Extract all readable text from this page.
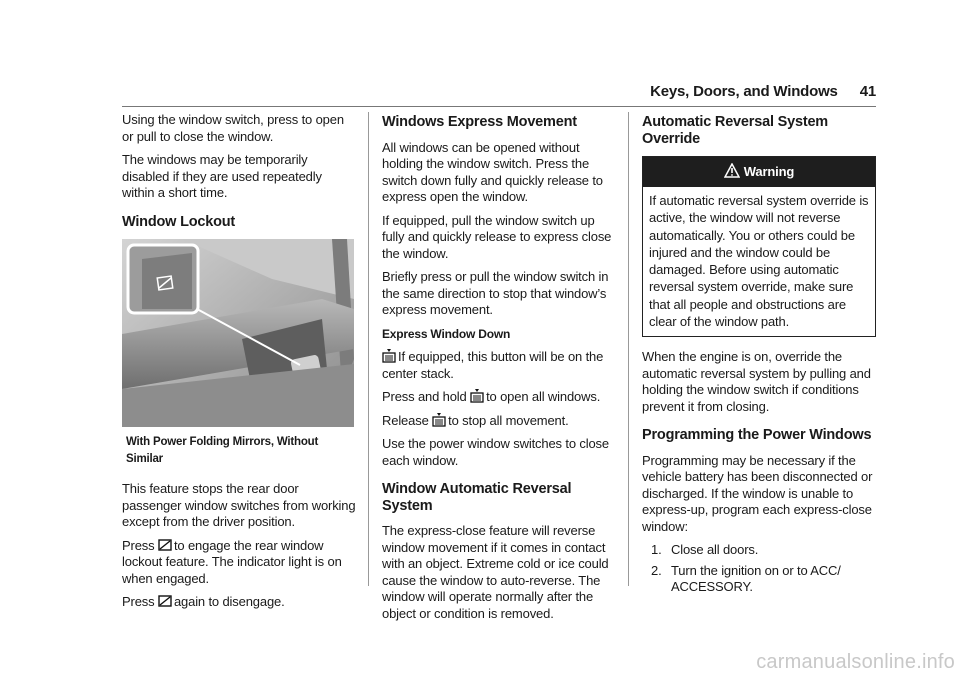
Keys, Doors, and Windows 41

Using the window switch, press to open or pull to close the window.

The windows may be temporarily disabled if they are used repeatedly within a short time.

Window Lockout
With Power Folding Mirrors, Without Similar

This feature stops the rear door passenger window switches from working except from the driver position.

Press to engage the rear window lockout feature. The indicator light is on when engaged.

Press again to disengage.

Windows Express Movement

All windows can be opened without holding the window switch. Press the switch down fully and quickly release to express open the window.

If equipped, pull the window switch up fully and quickly release to express close the window.

Briefly press or pull the window switch in the same direction to stop that window’s express movement.

Express Window Down

If equipped, this button will be on the center stack.

Press and hold to open all windows.

Release to stop all movement.

Use the power window switches to close each window.

Window Automatic Reversal System

The express-close feature will reverse window movement if it comes in contact with an object. Extreme cold or ice could cause the window to auto-reverse. The window will operate normally after the object or condition is removed.

Automatic Reversal System Override
Warning
If automatic reversal system override is active, the window will not reverse automatically. You or others could be injured and the window could be damaged. Before using automatic reversal system override, make sure that all people and obstructions are clear of the window path.

When the engine is on, override the automatic reversal system by pulling and holding the window switch if conditions prevent it from closing.

Programming the Power Windows

Programming may be necessary if the vehicle battery has been disconnected or discharged. If the window is unable to express-up, program each express-close window:

1. Close all doors.
2. Turn the ignition on or to ACC/ ACCESSORY.
carmanualsonline.info
